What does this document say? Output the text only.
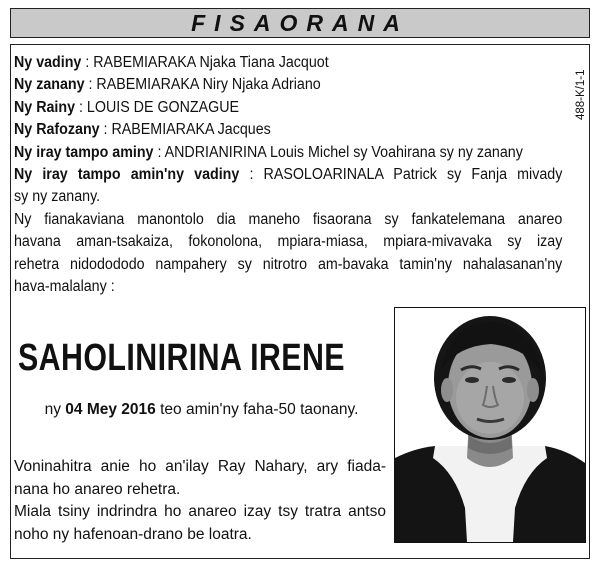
FISAORANA
488-K/1-1

Ny vadiny : RABEMIARAKA Njaka Tiana Jacquot

Ny zanany : RABEMIARAKA Niry Njaka Adriano

Ny Rainy : LOUIS DE GONZAGUE

Ny Rafozany : RABEMIARAKA Jacques

Ny iray tampo aminy : ANDRIANIRINA Louis Michel sy Voahirana sy ny zanany

Ny iray tampo amin'ny vadiny : RASOLOARINALA Patrick sy Fanja mivady

sy ny zanany.

Ny fianakaviana manontolo dia maneho fisaorana sy fankatelemana anareo

havana aman-tsakaiza, fokonolona, mpiara-miasa, mpiara-mivavaka sy izay

rehetra nidodododo nampahery sy nitrotro am-bavaka tamin'ny nahalasanan'ny

hava-malalany :

SAHOLINIRINA IRENE
ny 04 Mey 2016 teo amin'ny faha-50 taonany.

Voninahitra anie ho an'ilay Ray Nahary, ary fiada-

nana ho anareo rehetra.

Miala tsiny indrindra ho anareo izay tsy tratra antso

noho ny hafenoan-drano be loatra.
